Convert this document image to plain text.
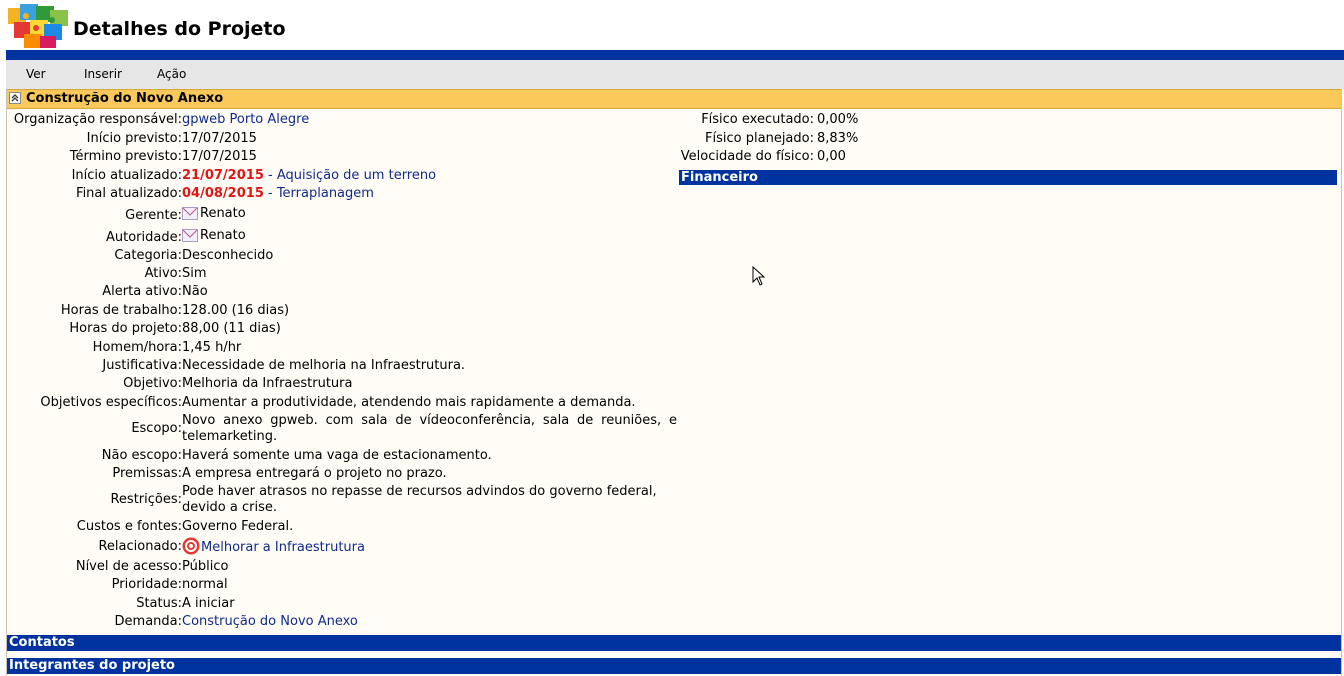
Detalhes do Projeto
Ver	Inserir	Ação
Construção do Novo Anexo
Organização responsável: gpweb Porto Alegre
Início previsto: 17/07/2015
Término previsto: 17/07/2015
Início atualizado: 21/07/2015 - Aquisição de um terreno
Final atualizado: 04/08/2015 - Terraplanagem
Gerente:	Renato
Autoridade:	Renato
Categoria: Desconhecido
Ativo: Sim
Alerta ativo: Não
Horas de trabalho: 128.00 (16 dias)
Horas do projeto: 88,00 (11 dias)
Homem/hora: 1,45 h/hr
Justificativa: Necessidade de melhoria na Infraestrutura.
Objetivo: Melhoria da Infraestrutura
Objetivos específicos: Aumentar a produtividade, atendendo mais rapidamente a demanda.
Escopo:
Novo anexo gpweb. com sala de vídeoconferência, sala de reuniões, e telemarketing.
Não escopo: Haverá somente uma vaga de estacionamento.
Premissas: A empresa entregará o projeto no prazo.
Restrições:
Pode haver atrasos no repasse de recursos advindos do governo federal, devido a crise.
Custos e fontes: Governo Federal.
Relacionado:	Melhorar a Infraestrutura
Nível de acesso: Público
Prioridade: normal
Status: A iniciar
Demanda: Construção do Novo Anexo
Físico executado: 0,00%
Físico planejado: 8,83%
Velocidade do físico: 0,00
Financeiro
Contatos
Integrantes do projeto
